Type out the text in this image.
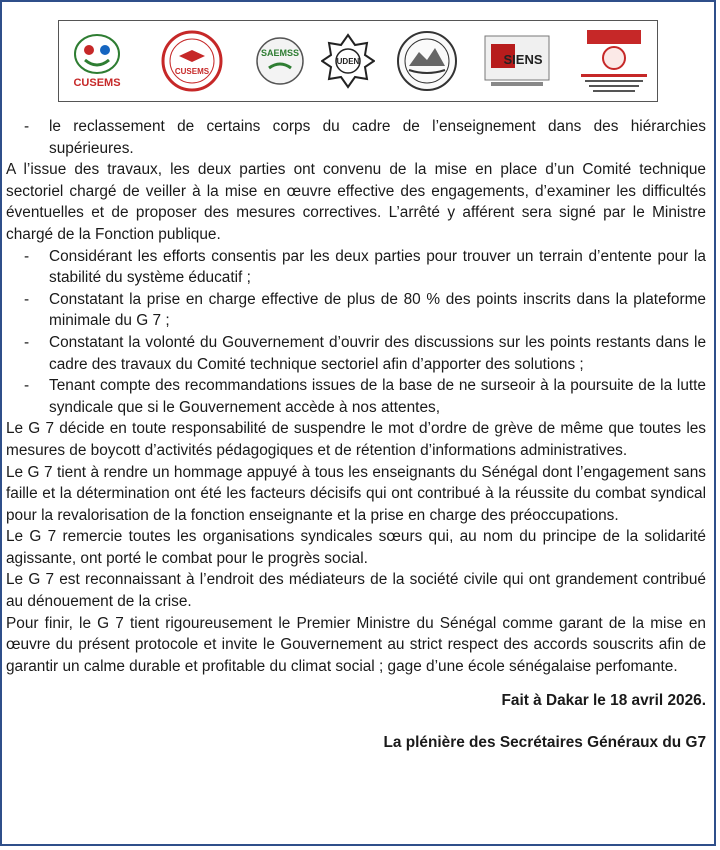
CUSEMS
CUSEMS
SAEMSS
UDEN	SIENS

- le reclassement de certains corps du cadre de l’enseignement dans des hiérarchies supérieures.

A l’issue des travaux, les deux parties ont convenu de la mise en place d’un Comité technique sectoriel chargé de veiller à la mise en œuvre effective des engagements, d’examiner les difficultés éventuelles et de proposer des mesures correctives. L’arrêté y afférent sera signé par le Ministre chargé de la Fonction publique.

- Considérant les efforts consentis par les deux parties pour trouver un terrain d’entente pour la stabilité du système éducatif ;

- Constatant la prise en charge effective de plus de 80 % des points inscrits dans la plateforme minimale du G 7 ;

- Constatant la volonté du Gouvernement d’ouvrir des discussions sur les points restants dans le cadre des travaux du Comité technique sectoriel afin d’apporter des solutions ;

- Tenant compte des recommandations issues de la base de ne surseoir à la poursuite de la lutte syndicale que si le Gouvernement accède à nos attentes,

Le G 7 décide en toute responsabilité de suspendre le mot d’ordre de grève de même que toutes les mesures de boycott d’activités pédagogiques et de rétention d’informations administratives.

Le G 7 tient à rendre un hommage appuyé à tous les enseignants du Sénégal dont l’engagement sans faille et la détermination ont été les facteurs décisifs qui ont contribué à la réussite du combat syndical pour la revalorisation de la fonction enseignante et la prise en charge des préoccupations.

Le G 7 remercie toutes les organisations syndicales sœurs qui, au nom du principe de la solidarité agissante, ont porté le combat pour le progrès social.

Le G 7 est reconnaissant à l’endroit des médiateurs de la société civile qui ont grandement contribué au dénouement de la crise.

Pour finir, le G 7 tient rigoureusement le Premier Ministre du Sénégal comme garant de la mise en œuvre du présent protocole et invite le Gouvernement au strict respect des accords souscrits afin de garantir un calme durable et profitable du climat social ; gage d’une école sénégalaise perfomante.

Fait à Dakar le 18 avril 2026.

La plénière des Secrétaires Généraux du G7
